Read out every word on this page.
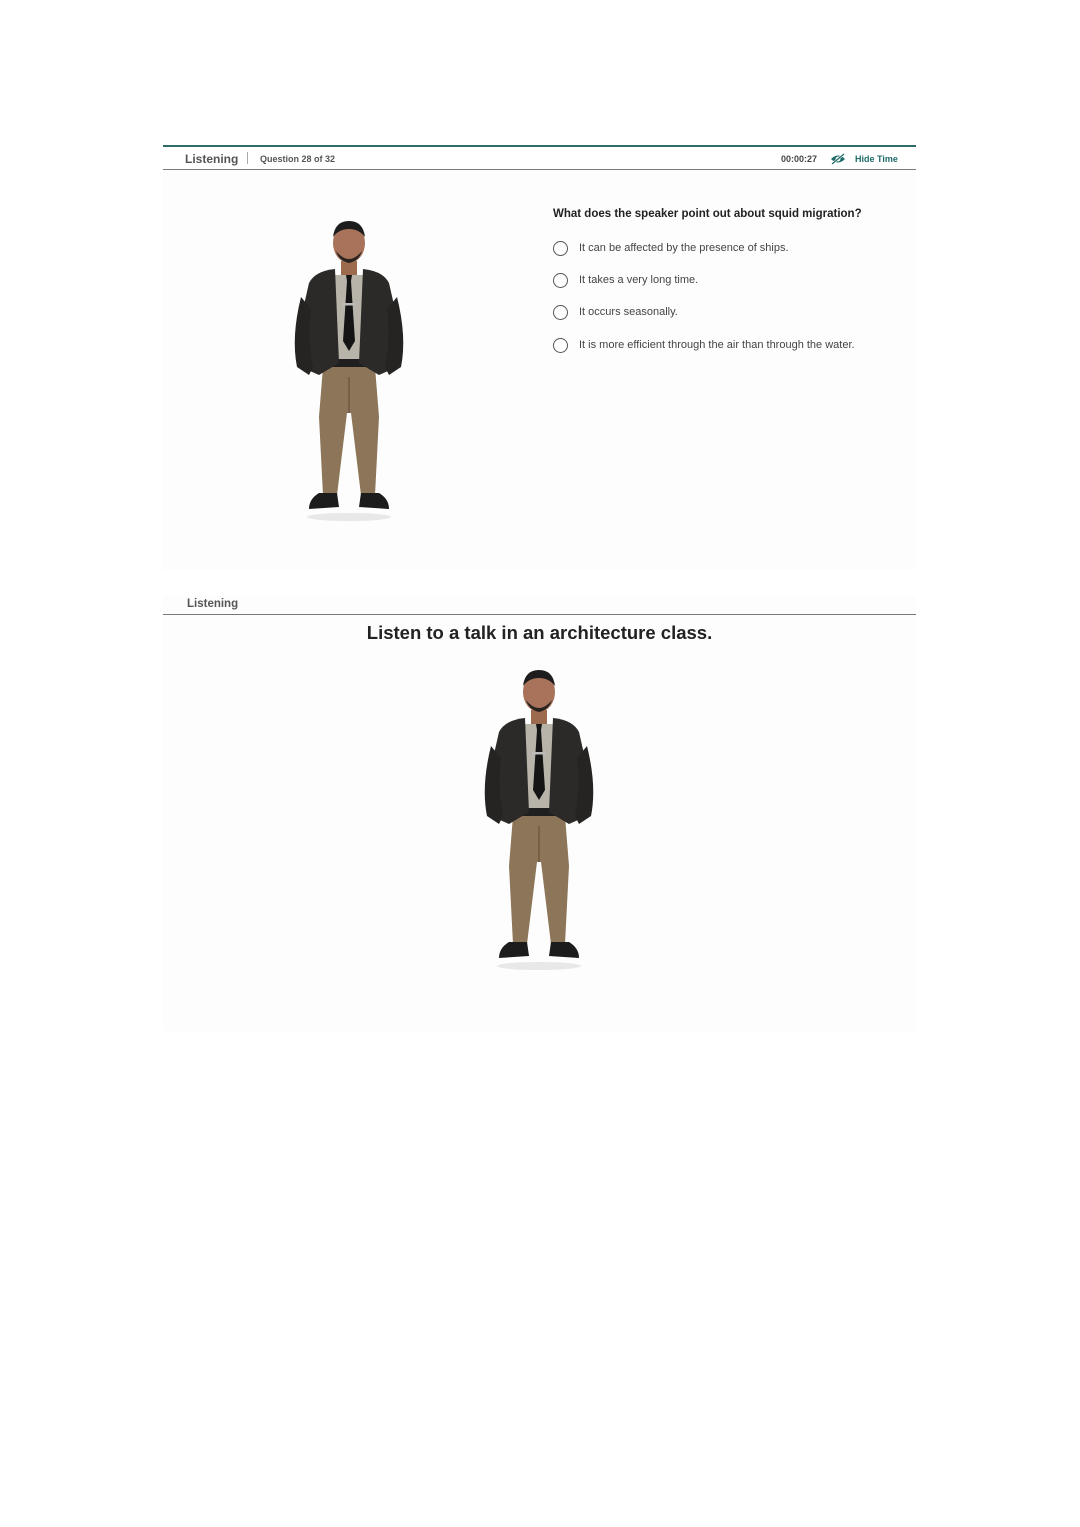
Listening Question 28 of 32	00:00:27	Hide Time
What does the speaker point out about squid migration?
It can be affected by the presence of ships.
It takes a very long time.
It occurs seasonally.
It is more efficient through the air than through the water.
Listening
Listen to a talk in an architecture class.
